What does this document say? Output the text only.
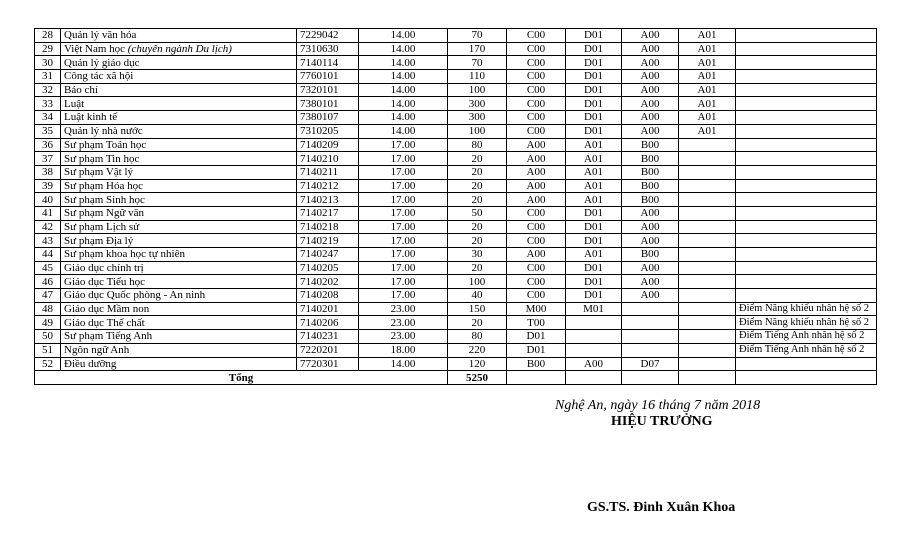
28	Quản lý văn hóa	7229042	14.00	70	C00	D01	A00	A01	
29	Việt Nam học (chuyên ngành Du lịch)	7310630	14.00	170	C00	D01	A00	A01	
30	Quản lý giáo dục	7140114	14.00	70	C00	D01	A00	A01	
31	Công tác xã hội	7760101	14.00	110	C00	D01	A00	A01	
32	Báo chí	7320101	14.00	100	C00	D01	A00	A01	
33	Luật	7380101	14.00	300	C00	D01	A00	A01	
34	Luật kinh tế	7380107	14.00	300	C00	D01	A00	A01	
35	Quản lý nhà nước	7310205	14.00	100	C00	D01	A00	A01	
36	Sư phạm Toán học	7140209	17.00	80	A00	A01	B00		
37	Sư phạm Tin học	7140210	17.00	20	A00	A01	B00		
38	Sư phạm Vật lý	7140211	17.00	20	A00	A01	B00		
39	Sư phạm Hóa học	7140212	17.00	20	A00	A01	B00		
40	Sư phạm Sinh học	7140213	17.00	20	A00	A01	B00		
41	Sư phạm Ngữ văn	7140217	17.00	50	C00	D01	A00		
42	Sư phạm Lịch sử	7140218	17.00	20	C00	D01	A00		
43	Sư phạm Địa lý	7140219	17.00	20	C00	D01	A00		
44	Sư phạm khoa học tự nhiên	7140247	17.00	30	A00	A01	B00		
45	Giáo dục chính trị	7140205	17.00	20	C00	D01	A00		
46	Giáo dục Tiểu học	7140202	17.00	100	C00	D01	A00		
47	Giáo dục Quốc phòng - An ninh	7140208	17.00	40	C00	D01	A00		
48	Giáo dục Mầm non	7140201	23.00	150	M00	M01			Điểm Năng khiếu nhân hệ số 2
49	Giáo dục Thể chất	7140206	23.00	20	T00				Điểm Năng khiếu nhân hệ số 2
50	Sư phạm Tiếng Anh	7140231	23.00	80	D01				Điểm Tiếng Anh nhân hệ số 2
51	Ngôn ngữ Anh	7220201	18.00	220	D01				Điểm Tiếng Anh nhân hệ số 2
52	Điều dưỡng	7720301	14.00	120	B00	A00	D07		
Tổng				5250					
Nghệ An, ngày 16 tháng 7 năm 2018
HIỆU TRƯỞNG
GS.TS. Đinh Xuân Khoa
